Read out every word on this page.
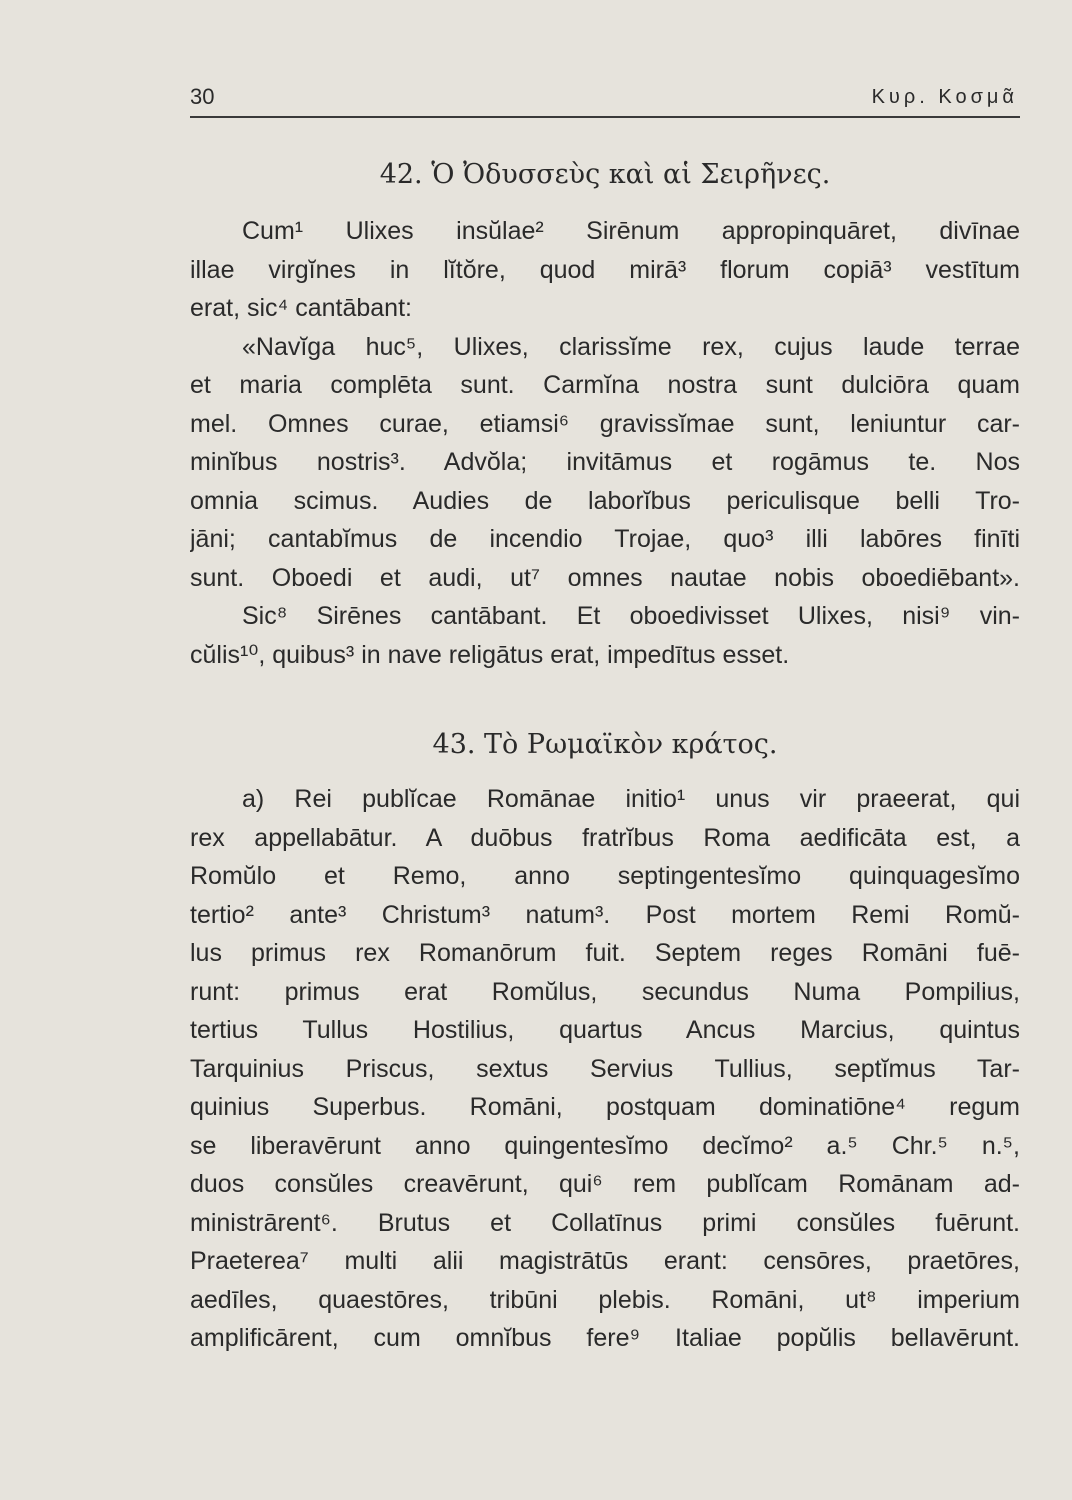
30	Κυρ. Κοσμᾶ
42. Ὁ Ὀδυσσεὺς καὶ αἱ Σειρῆνες.
Cum¹ Ulixes insŭlae² Sirēnum appropinquāret, divīnae
illae virgĭnes in lĭtŏre, quod mirā³ florum copiā³ vestītum
erat, sic⁴ cantābant:
«Navĭga huc⁵, Ulixes, clarissĭme rex, cujus laude terrae
et maria complēta sunt. Carmĭna nostra sunt dulciōra quam
mel. Omnes curae, etiamsi⁶ gravissĭmae sunt, leniuntur car-
minĭbus nostris³. Advŏla; invitāmus et rogāmus te. Nos
omnia scimus. Audies de laborĭbus periculisque belli Tro-
jāni; cantabĭmus de incendio Trojae, quo³ illi labōres finīti
sunt. Oboedi et audi, ut⁷ omnes nautae nobis oboediēbant».
Sic⁸ Sirēnes cantābant. Et oboedivisset Ulixes, nisi⁹ vin-
cŭlis¹⁰, quibus³ in nave religātus erat, impedītus esset.
43. Τὸ Ρωμαϊκὸν κράτος.
a) Rei publĭcae Romānae initio¹ unus vir praeerat, qui
rex appellabātur. A duōbus fratrĭbus Roma aedificāta est, a
Romŭlo et Remo, anno septingentesĭmo quinquagesĭmo
tertio² ante³ Christum³ natum³. Post mortem Remi Romŭ-
lus primus rex Romanōrum fuit. Septem reges Romāni fuē-
runt: primus erat Romŭlus, secundus Numa Pompilius,
tertius Tullus Hostilius, quartus Ancus Marcius, quintus
Tarquinius Priscus, sextus Servius Tullius, septĭmus Tar-
quinius Superbus. Romāni, postquam dominatiōne⁴ regum
se liberavērunt anno quingentesĭmo decĭmo² a.⁵ Chr.⁵ n.⁵,
duos consŭles creavērunt, qui⁶ rem publĭcam Romānam ad-
ministrārent⁶. Brutus et Collatīnus primi consŭles fuērunt.
Praeterea⁷ multi alii magistrātūs erant: censōres, praetōres,
aedīles, quaestōres, tribūni plebis. Romāni, ut⁸ imperium
amplificārent, cum omnĭbus fere⁹ Italiae popŭlis bellavērunt.
